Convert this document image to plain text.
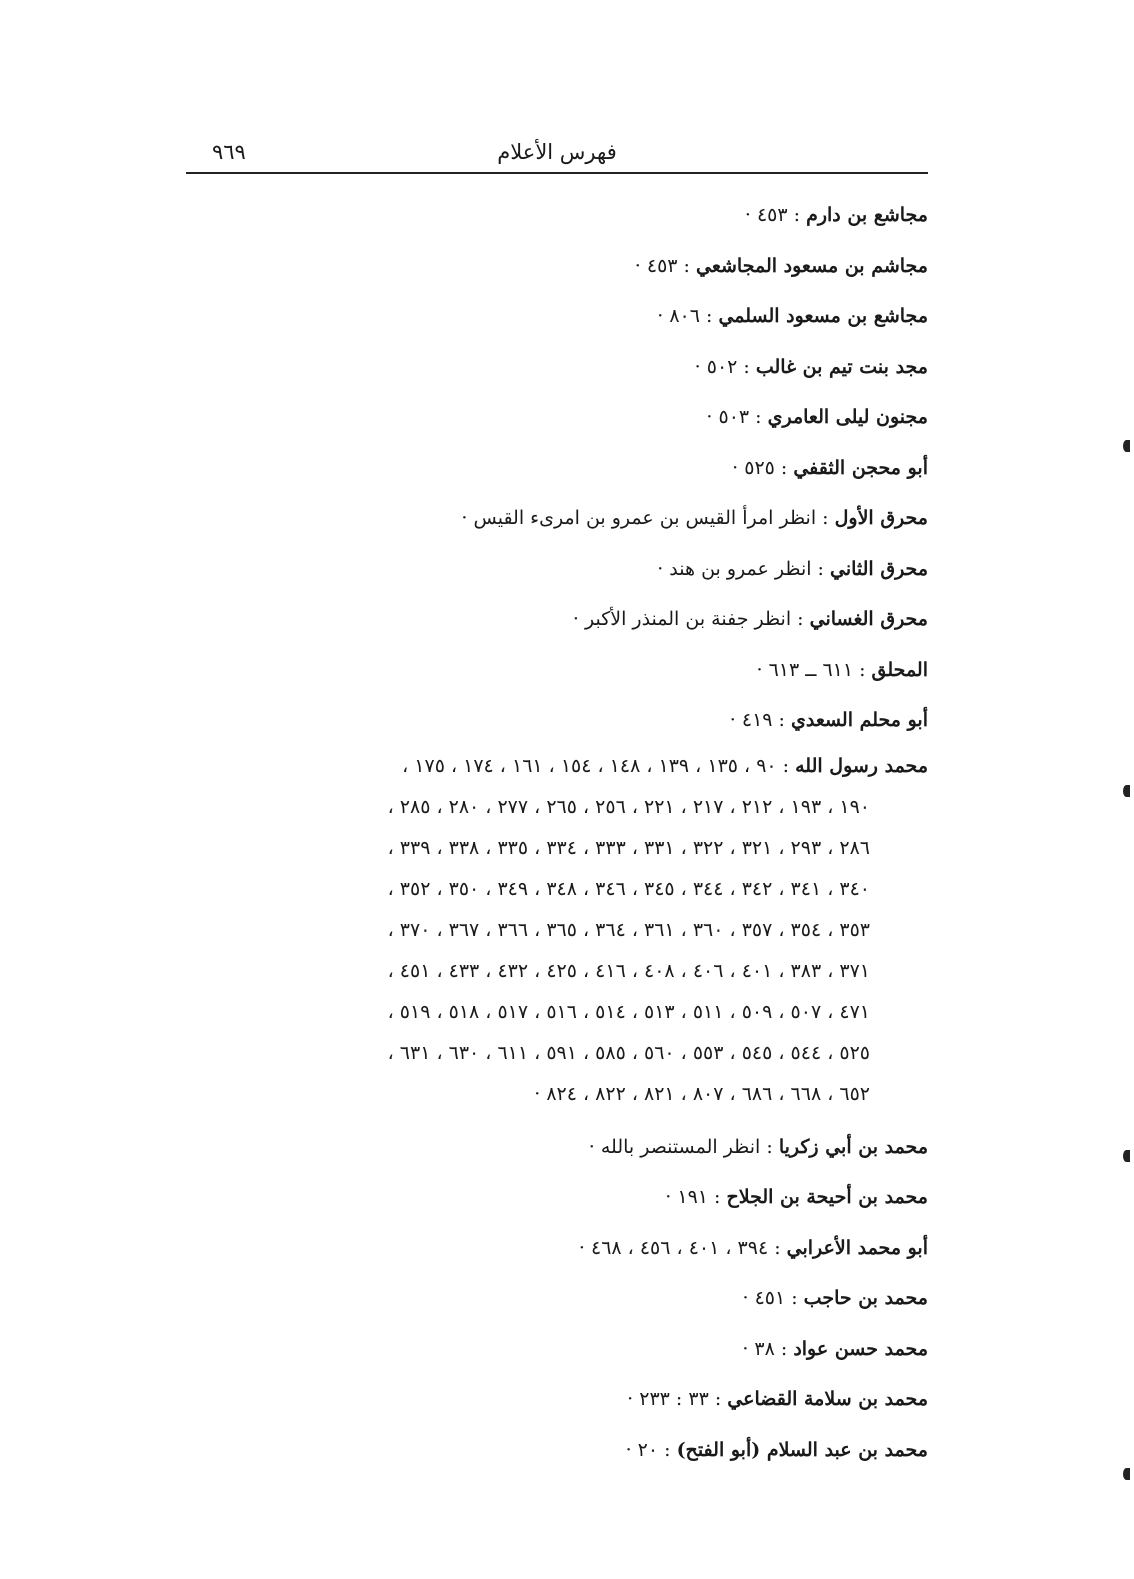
٩٦٩	فهرس الأعلام
مجاشع بن دارم : ٤٥٣ ·
مجاشم بن مسعود المجاشعي : ٤٥٣ ·
مجاشع بن مسعود السلمي : ٨٠٦ ·
مجد بنت تيم بن غالب : ٥٠٢ ·
مجنون ليلى العامري : ٥٠٣ ·
أبو محجن الثقفي : ٥٢٥ ·
محرق الأول : انظر امرأ القيس بن عمرو بن امرىء القيس ·
محرق الثاني : انظر عمرو بن هند ·
محرق الغساني : انظر جفنة بن المنذر الأكبر ·
المحلق : ٦١١ ــ ٦١٣ ·
أبو محلم السعدي : ٤١٩ ·
محمد رسول الله : ٩٠ ، ١٣٥ ، ١٣٩ ، ١٤٨ ، ١٥٤ ، ١٦١ ، ١٧٤ ، ١٧٥ ،
١٩٠ ، ١٩٣ ، ٢١٢ ، ٢١٧ ، ٢٢١ ، ٢٥٦ ، ٢٦٥ ، ٢٧٧ ، ٢٨٠ ، ٢٨٥ ،
٢٨٦ ، ٢٩٣ ، ٣٢١ ، ٣٢٢ ، ٣٣١ ، ٣٣٣ ، ٣٣٤ ، ٣٣٥ ، ٣٣٨ ، ٣٣٩ ،
٣٤٠ ، ٣٤١ ، ٣٤٢ ، ٣٤٤ ، ٣٤٥ ، ٣٤٦ ، ٣٤٨ ، ٣٤٩ ، ٣٥٠ ، ٣٥٢ ،
٣٥٣ ، ٣٥٤ ، ٣٥٧ ، ٣٦٠ ، ٣٦١ ، ٣٦٤ ، ٣٦٥ ، ٣٦٦ ، ٣٦٧ ، ٣٧٠ ،
٣٧١ ، ٣٨٣ ، ٤٠١ ، ٤٠٦ ، ٤٠٨ ، ٤١٦ ، ٤٢٥ ، ٤٣٢ ، ٤٣٣ ، ٤٥١ ،
٤٧١ ، ٥٠٧ ، ٥٠٩ ، ٥١١ ، ٥١٣ ، ٥١٤ ، ٥١٦ ، ٥١٧ ، ٥١٨ ، ٥١٩ ،
٥٢٥ ، ٥٤٤ ، ٥٤٥ ، ٥٥٣ ، ٥٦٠ ، ٥٨٥ ، ٥٩١ ، ٦١١ ، ٦٣٠ ، ٦٣١ ،
٦٥٢ ، ٦٦٨ ، ٦٨٦ ، ٨٠٧ ، ٨٢١ ، ٨٢٢ ، ٨٢٤ ·
محمد بن أبي زكريا : انظر المستنصر بالله ·
محمد بن أحيحة بن الجلاح : ١٩١ ·
أبو محمد الأعرابي : ٣٩٤ ، ٤٠١ ، ٤٥٦ ، ٤٦٨ ·
محمد بن حاجب : ٤٥١ ·
محمد حسن عواد : ٣٨ ·
محمد بن سلامة القضاعي : ٣٣ : ٢٣٣ ·
محمد بن عبد السلام (أبو الفتح) : ٢٠ ·
